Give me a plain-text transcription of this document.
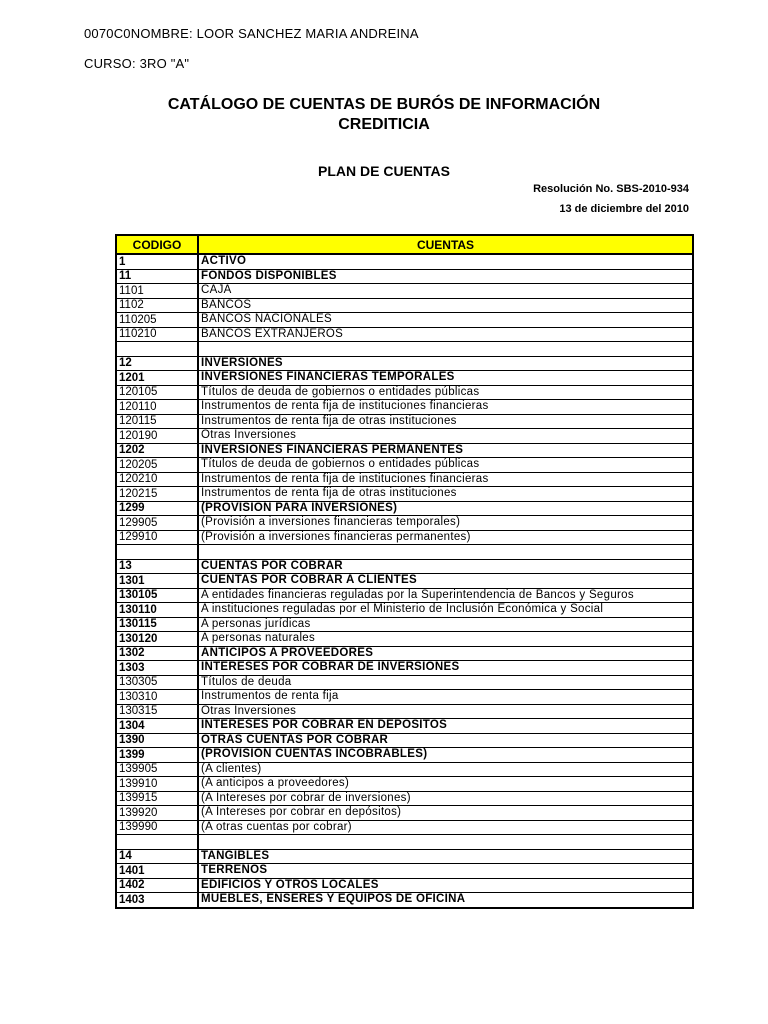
0070C0NOMBRE: LOOR SANCHEZ MARIA ANDREINA
CURSO: 3RO "A"
CATÁLOGO DE CUENTAS DE BURÓS DE INFORMACIÓN
CREDITICIA
PLAN DE CUENTAS
Resolución No. SBS-2010-934
13 de diciembre del 2010
CODIGO	CUENTAS
1	ACTIVO
11	FONDOS DISPONIBLES
1101	CAJA
1102	BANCOS
110205	BANCOS NACIONALES
110210	BANCOS EXTRANJEROS

12	INVERSIONES
1201	INVERSIONES FINANCIERAS TEMPORALES
120105	Títulos de deuda de gobiernos o entidades públicas
120110	Instrumentos de renta fija de instituciones financieras
120115	Instrumentos de renta fija de otras instituciones
120190	Otras Inversiones
1202	INVERSIONES FINANCIERAS PERMANENTES
120205	Títulos de deuda de gobiernos o entidades públicas
120210	Instrumentos de renta fija de instituciones financieras
120215	Instrumentos de renta fija de otras instituciones
1299	(PROVISIÓN PARA INVERSIONES)
129905	(Provisión a inversiones financieras temporales)
129910	(Provisión a inversiones financieras permanentes)

13	CUENTAS POR COBRAR
1301	CUENTAS POR COBRAR A CLIENTES
130105	A entidades financieras reguladas por la Superintendencia de Bancos y Seguros
130110	A instituciones reguladas por el Ministerio de Inclusión Económica y Social
130115	A personas jurídicas
130120	A personas naturales
1302	ANTICIPOS A PROVEEDORES
1303	INTERESES POR COBRAR DE INVERSIONES
130305	Títulos de deuda
130310	Instrumentos de renta fija
130315	Otras Inversiones
1304	INTERESES POR COBRAR EN DEPOSITOS
1390	OTRAS CUENTAS POR COBRAR
1399	(PROVISIÓN CUENTAS INCOBRABLES)
139905	(A clientes)
139910	(A anticipos a proveedores)
139915	(A Intereses por cobrar de inversiones)
139920	(A Intereses por cobrar en depósitos)
139990	(A otras cuentas por cobrar)

14	TANGIBLES
1401	TERRENOS
1402	EDIFICIOS Y OTROS LOCALES
1403	MUEBLES, ENSERES Y EQUIPOS DE OFICINA
